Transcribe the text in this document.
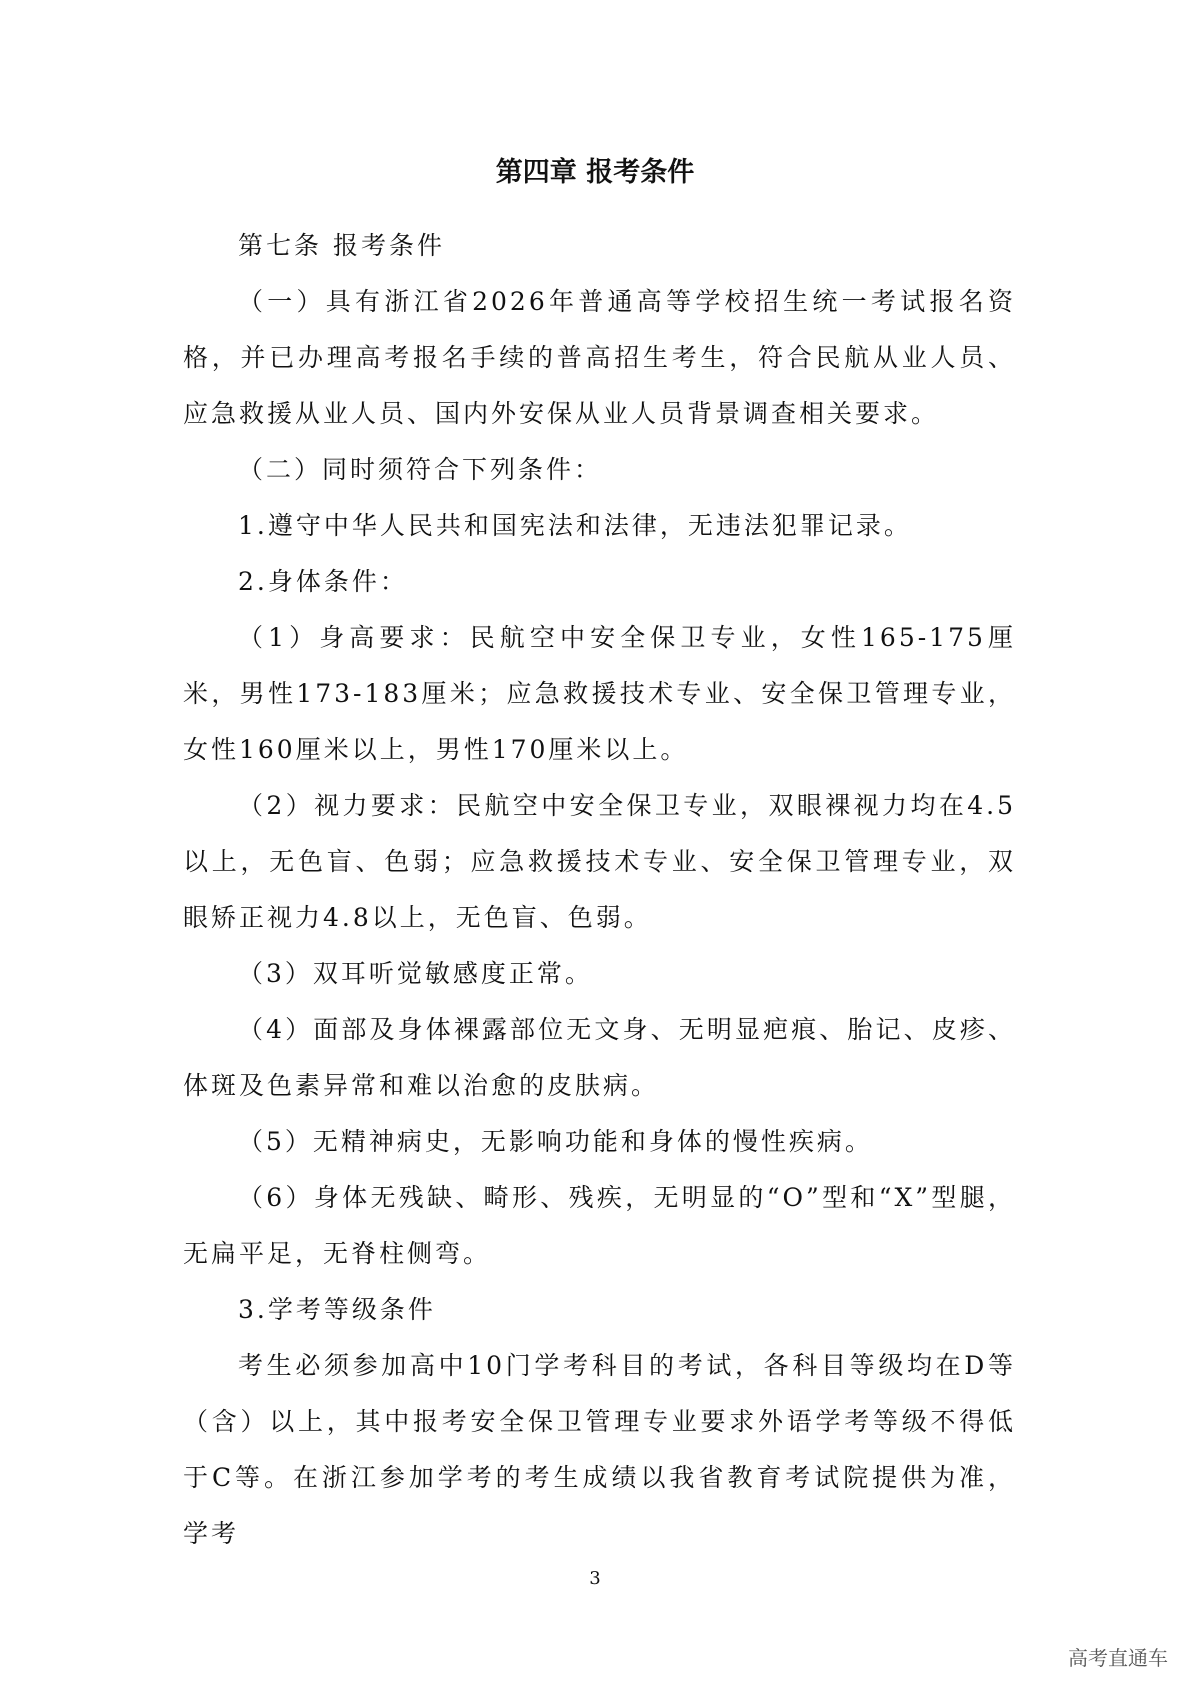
第四章 报考条件

第七条 报考条件

（一）具有浙江省2026年普通高等学校招生统一考试报名资格，并已办理高考报名手续的普高招生考生，符合民航从业人员、应急救援从业人员、国内外安保从业人员背景调查相关要求。

（二）同时须符合下列条件：

1.遵守中华人民共和国宪法和法律，无违法犯罪记录。

2.身体条件：

（1）身高要求：民航空中安全保卫专业，女性165-175厘米，男性173-183厘米；应急救援技术专业、安全保卫管理专业，女性160厘米以上，男性170厘米以上。

（2）视力要求：民航空中安全保卫专业，双眼裸视力均在4.5以上，无色盲、色弱；应急救援技术专业、安全保卫管理专业，双眼矫正视力4.8以上，无色盲、色弱。

（3）双耳听觉敏感度正常。

（4）面部及身体裸露部位无文身、无明显疤痕、胎记、皮疹、体斑及色素异常和难以治愈的皮肤病。

（5）无精神病史，无影响功能和身体的慢性疾病。

（6）身体无残缺、畸形、残疾，无明显的“O”型和“X”型腿，无扁平足，无脊柱侧弯。

3.学考等级条件

考生必须参加高中10门学考科目的考试，各科目等级均在D等（含）以上，其中报考安全保卫管理专业要求外语学考等级不得低于C等。在浙江参加学考的考生成绩以我省教育考试院提供为准，学考

3
高考直通车
